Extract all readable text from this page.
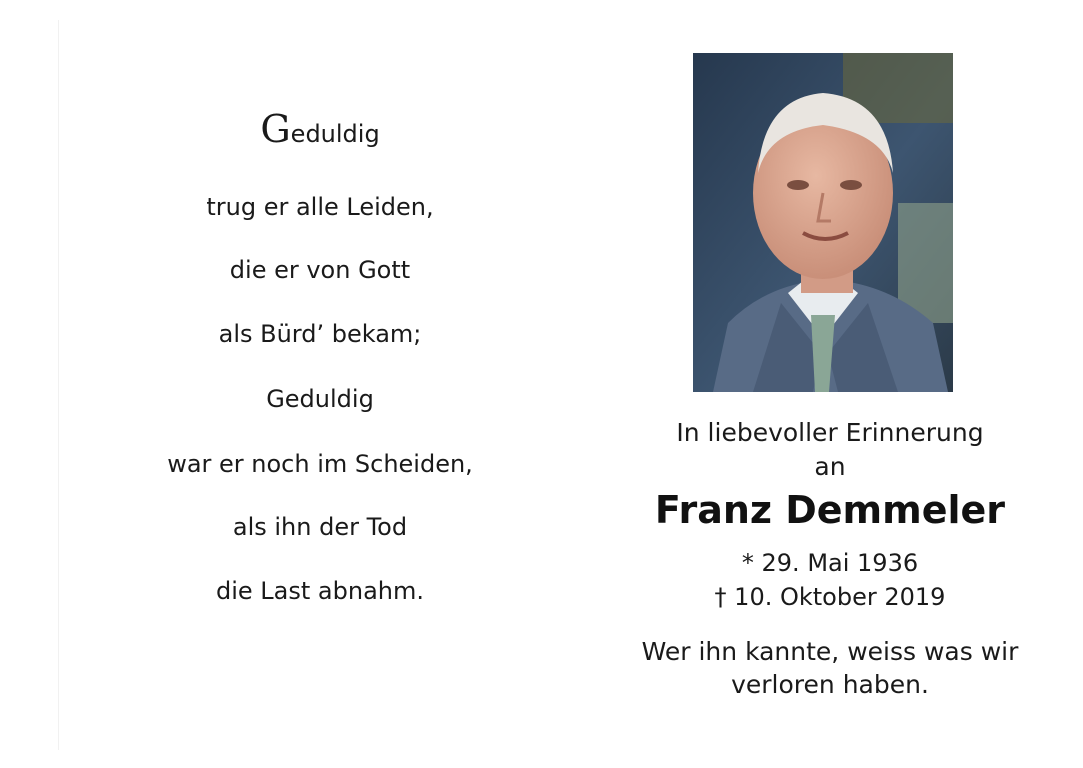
Geduldig
trug er alle Leiden,
die er von Gott
als Bürd’ bekam;
Geduldig
war er noch im Scheiden,
als ihn der Tod
die Last abnahm.
In liebevoller Erinnerung
an
Franz Demmeler
* 29. Mai 1936
† 10. Oktober 2019
Wer ihn kannte, weiss was wir
verloren haben.
